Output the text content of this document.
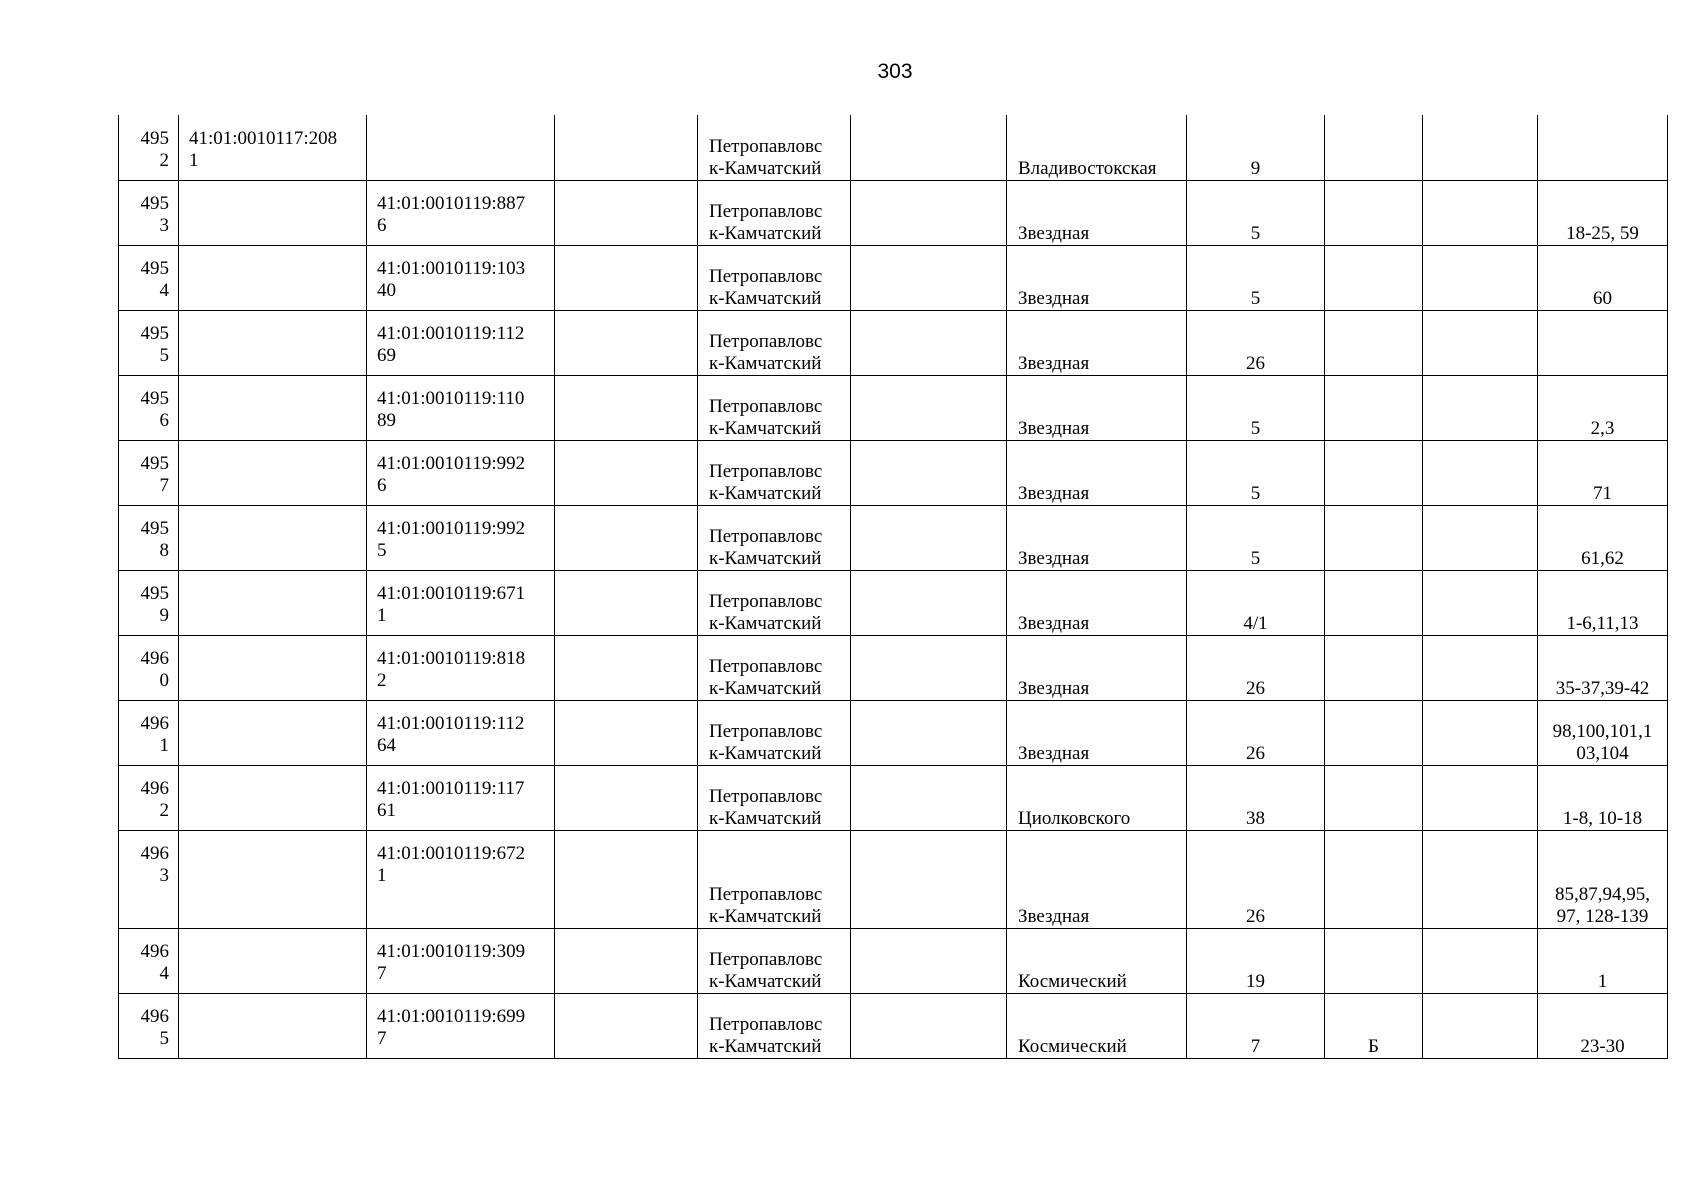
303
495
2	41:01:0010117:208
1			Петропавловс
к-Камчатский		Владивостокская	9			

495
3		41:01:0010119:887
6		Петропавловс
к-Камчатский		Звездная	5			18-25, 59

495
4		41:01:0010119:103
40		Петропавловс
к-Камчатский		Звездная	5			60

495
5		41:01:0010119:112
69		Петропавловс
к-Камчатский		Звездная	26			

495
6		41:01:0010119:110
89		Петропавловс
к-Камчатский		Звездная	5			2,3

495
7		41:01:0010119:992
6		Петропавловс
к-Камчатский		Звездная	5			71

495
8		41:01:0010119:992
5		Петропавловс
к-Камчатский		Звездная	5			61,62

495
9		41:01:0010119:671
1		Петропавловс
к-Камчатский		Звездная	4/1			1-6,11,13

496
0		41:01:0010119:818
2		Петропавловс
к-Камчатский		Звездная	26			35-37,39-42

496
1		41:01:0010119:112
64		Петропавловс
к-Камчатский		Звездная	26			98,100,101,1
03,104

496
2		41:01:0010119:117
61		Петропавловс
к-Камчатский		Циолковского	38			1-8, 10-18

496
3		41:01:0010119:672
1		Петропавловс
к-Камчатский		Звездная	26			85,87,94,95,
97, 128-139

496
4		41:01:0010119:309
7		Петропавловс
к-Камчатский		Космический	19			1

496
5		41:01:0010119:699
7		Петропавловс
к-Камчатский		Космический	7	Б		23-30
